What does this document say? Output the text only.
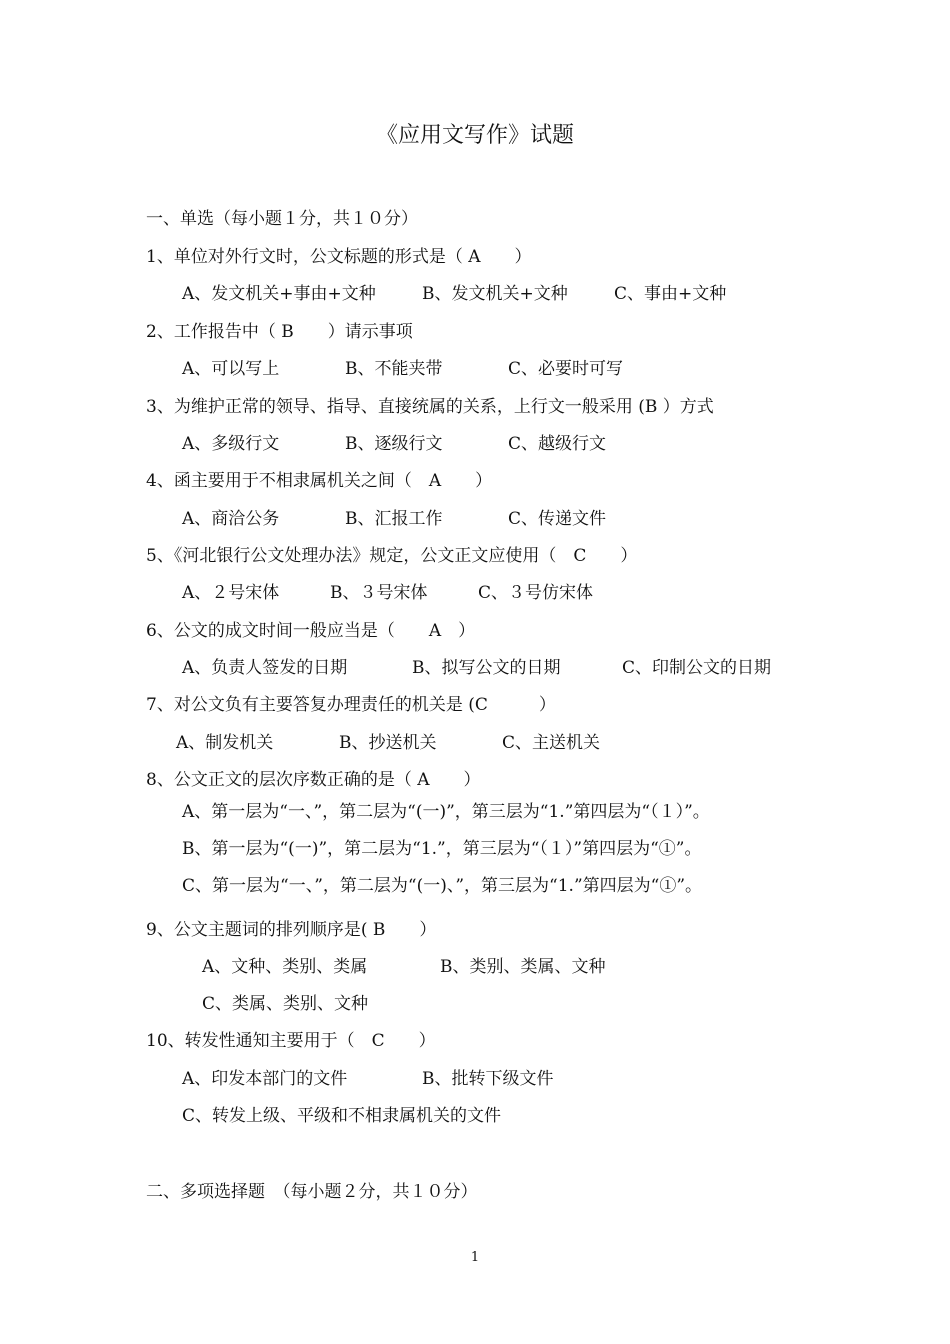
《应用文写作》试题
一、单选（每小题１分，共１０分）
1、单位对外行文时，公文标题的形式是（ A　　）
A、发文机关+事由+文种	B、发文机关+文种	C、事由+文种
2、工作报告中（ B　　）请示事项
A、可以写上	B、不能夹带	C、必要时可写
3、为维护正常的领导、指导、直接统属的关系，上行文一般采用 (B ）方式
A、多级行文	B、逐级行文	C、越级行文
4、函主要用于不相隶属机关之间（　A　　）
A、商洽公务	B、汇报工作	C、传递文件
5、《河北银行公文处理办法》规定，公文正文应使用（　C　　）
A、２号宋体	B、３号宋体	C、３号仿宋体
6、公文的成文时间一般应当是（　　A　）
A、负责人签发的日期	B、拟写公文的日期	C、印制公文的日期
7、对公文负有主要答复办理责任的机关是 (C　　　）
A、制发机关	B、抄送机关	C、主送机关
8、公文正文的层次序数正确的是（ A　　）
A、第一层为“一、”，第二层为“(一)”，第三层为“1.”第四层为“（１）”。
B、第一层为“(一)”，第二层为“1.”，第三层为“（１）”第四层为“①”。
C、第一层为“一、”，第二层为“(一)、”，第三层为“1.”第四层为“①”。
9、公文主题词的排列顺序是( B　　）
A、文种、类别、类属	B、类别、类属、文种
C、类属、类别、文种
10、转发性通知主要用于（　C　　）
A、印发本部门的文件	B、批转下级文件
C、转发上级、平级和不相隶属机关的文件
二、多项选择题　（每小题２分，共１０分）
1
